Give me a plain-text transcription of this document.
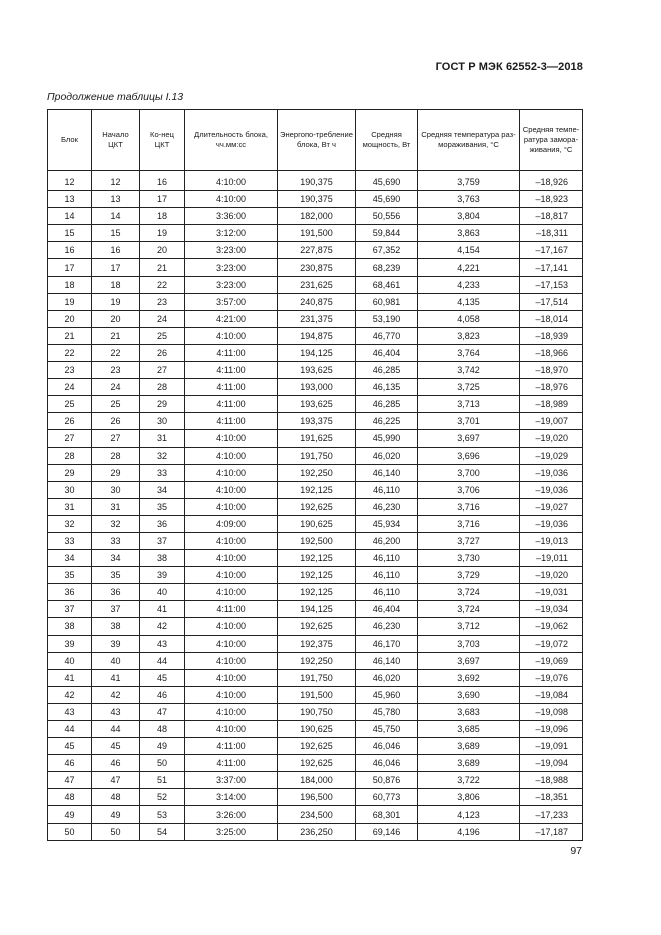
ГОСТ Р МЭК 62552-3—2018
Продолжение таблицы I.13
Блок	Начало ЦКТ	Ко-нец ЦКТ	Длительность блока, чч.мм:сс	Энергопо-требление блока, Вт ч	Средняя мощность, Вт	Средняя температура раз-мораживания, °С	Средняя темпе-ратура замора-живания, °С
12	12	16	4:10:00	190,375	45,690	3,759	–18,926
13	13	17	4:10:00	190,375	45,690	3,763	–18,923
14	14	18	3:36:00	182,000	50,556	3,804	–18,817
15	15	19	3:12:00	191,500	59,844	3,863	–18,311
16	16	20	3:23:00	227,875	67,352	4,154	–17,167
17	17	21	3:23:00	230,875	68,239	4,221	–17,141
18	18	22	3:23:00	231,625	68,461	4,233	–17,153
19	19	23	3:57:00	240,875	60,981	4,135	–17,514
20	20	24	4:21:00	231,375	53,190	4,058	–18,014
21	21	25	4:10:00	194,875	46,770	3,823	–18,939
22	22	26	4:11:00	194,125	46,404	3,764	–18,966
23	23	27	4:11:00	193,625	46,285	3,742	–18,970
24	24	28	4:11:00	193,000	46,135	3,725	–18,976
25	25	29	4:11:00	193,625	46,285	3,713	–18,989
26	26	30	4:11:00	193,375	46,225	3,701	–19,007
27	27	31	4:10:00	191,625	45,990	3,697	–19,020
28	28	32	4:10:00	191,750	46,020	3,696	–19,029
29	29	33	4:10:00	192,250	46,140	3,700	–19,036
30	30	34	4:10:00	192,125	46,110	3,706	–19,036
31	31	35	4:10:00	192,625	46,230	3,716	–19,027
32	32	36	4:09:00	190,625	45,934	3,716	–19,036
33	33	37	4:10:00	192,500	46,200	3,727	–19,013
34	34	38	4:10:00	192,125	46,110	3,730	–19,011
35	35	39	4:10:00	192,125	46,110	3,729	–19,020
36	36	40	4:10:00	192,125	46,110	3,724	–19,031
37	37	41	4:11:00	194,125	46,404	3,724	–19,034
38	38	42	4:10:00	192,625	46,230	3,712	–19,062
39	39	43	4:10:00	192,375	46,170	3,703	–19,072
40	40	44	4:10:00	192,250	46,140	3,697	–19,069
41	41	45	4:10:00	191,750	46,020	3,692	–19,076
42	42	46	4:10:00	191,500	45,960	3,690	–19,084
43	43	47	4:10:00	190,750	45,780	3,683	–19,098
44	44	48	4:10:00	190,625	45,750	3,685	–19,096
45	45	49	4:11:00	192,625	46,046	3,689	–19,091
46	46	50	4:11:00	192,625	46,046	3,689	–19,094
47	47	51	3:37:00	184,000	50,876	3,722	–18,988
48	48	52	3:14:00	196,500	60,773	3,806	–18,351
49	49	53	3:26:00	234,500	68,301	4,123	–17,233
50	50	54	3:25:00	236,250	69,146	4,196	–17,187
97
